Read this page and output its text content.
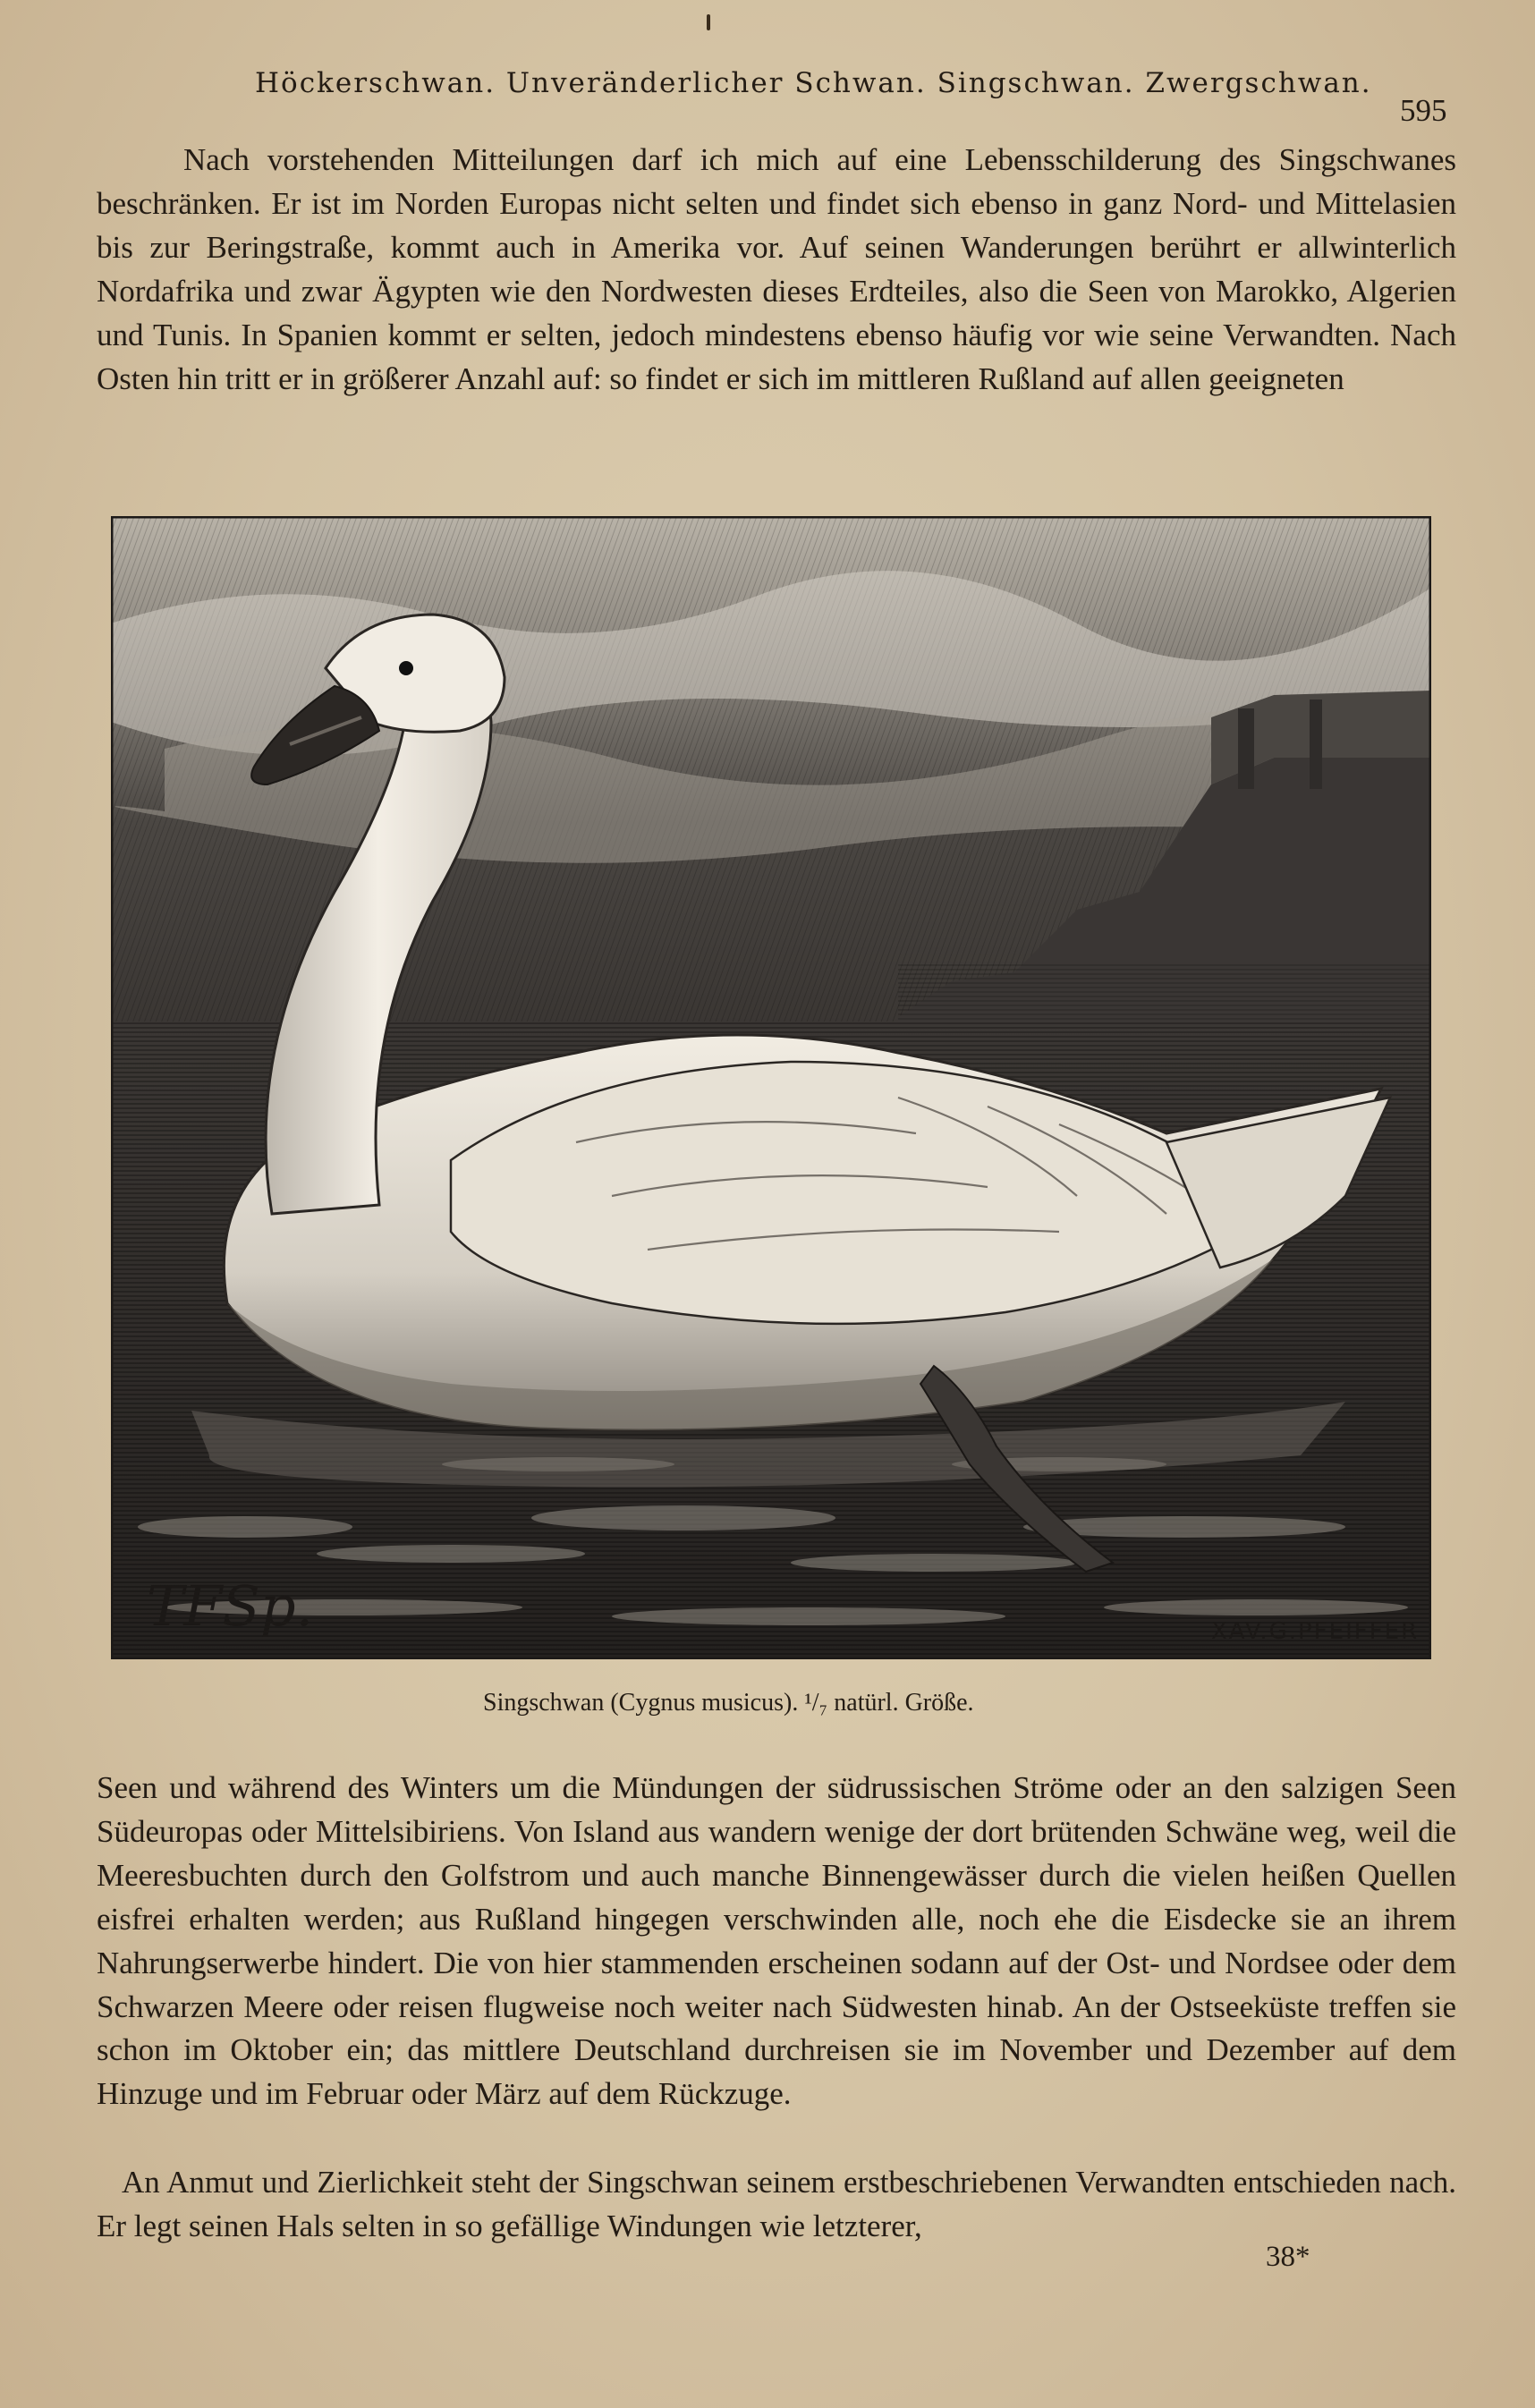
Höckerschwan. Unveränderlicher Schwan. Singschwan. Zwergschwan.
595

Nach vorstehenden Mitteilungen darf ich mich auf eine Lebensschilderung des Singschwanes beschränken. Er ist im Norden Europas nicht selten und findet sich ebenso in ganz Nord- und Mittelasien bis zur Beringstraße, kommt auch in Amerika vor. Auf seinen Wanderungen berührt er allwinterlich Nordafrika und zwar Ägypten wie den Nordwesten dieses Erdteiles, also die Seen von Marokko, Algerien und Tunis. In Spanien kommt er selten, jedoch mindestens ebenso häufig vor wie seine Verwandten. Nach Osten hin tritt er in größerer Anzahl auf: so findet er sich im mittleren Rußland auf allen geeigneten

TFSp.	XAV.G.PFEIFFER
Singschwan (Cygnus musicus). ¹/₇ natürl. Größe.

Seen und während des Winters um die Mündungen der südrussischen Ströme oder an den salzigen Seen Südeuropas oder Mittelsibiriens. Von Island aus wandern wenige der dort brütenden Schwäne weg, weil die Meeresbuchten durch den Golfstrom und auch manche Binnengewässer durch die vielen heißen Quellen eisfrei erhalten werden; aus Rußland hingegen verschwinden alle, noch ehe die Eisdecke sie an ihrem Nahrungserwerbe hindert. Die von hier stammenden erscheinen sodann auf der Ost- und Nordsee oder dem Schwarzen Meere oder reisen flugweise noch weiter nach Südwesten hinab. An der Ostseeküste treffen sie schon im Oktober ein; das mittlere Deutschland durchreisen sie im November und Dezember auf dem Hinzuge und im Februar oder März auf dem Rückzuge.

An Anmut und Zierlichkeit steht der Singschwan seinem erstbeschriebenen Verwandten entschieden nach. Er legt seinen Hals selten in so gefällige Windungen wie letzterer,

38*
